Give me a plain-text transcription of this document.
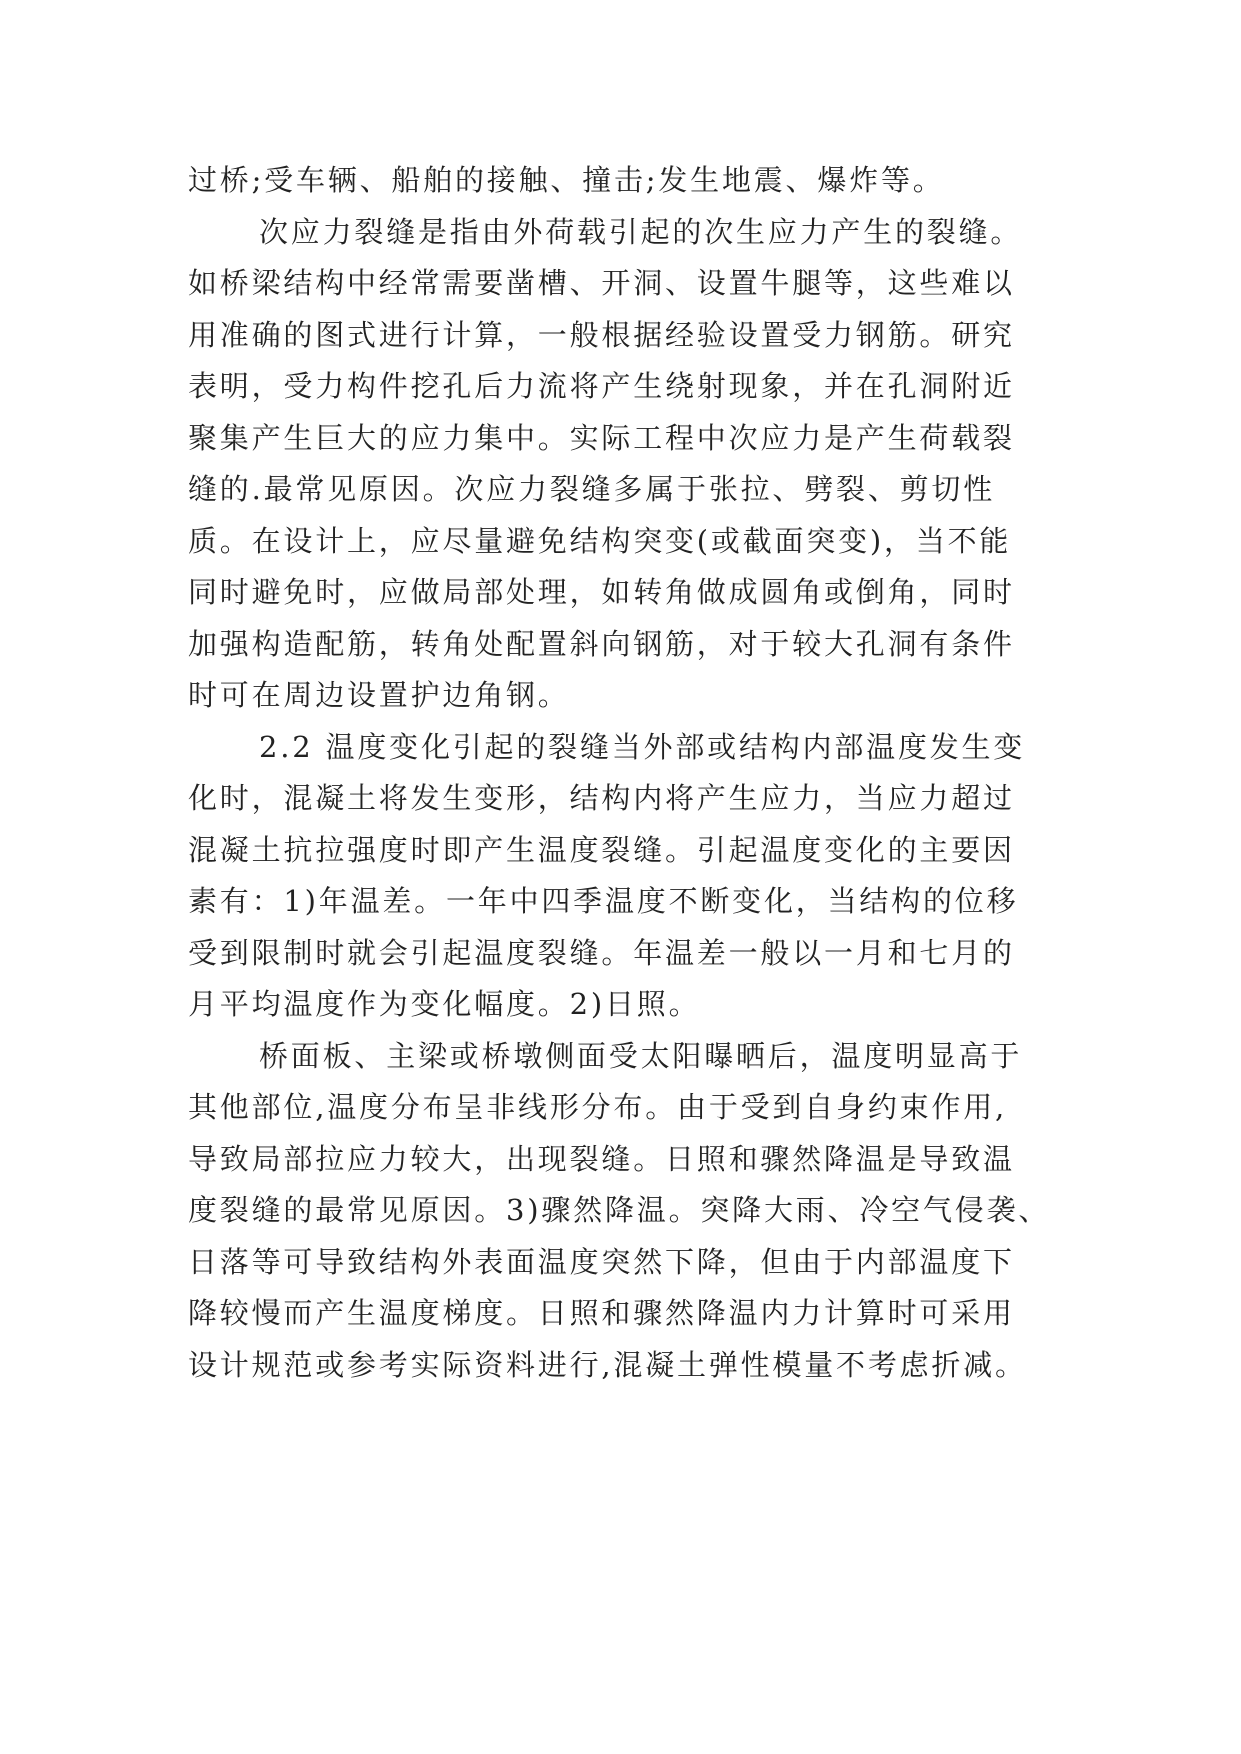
过桥;受车辆、船舶的接触、撞击;发生地震、爆炸等。
次应力裂缝是指由外荷载引起的次生应力产生的裂缝。
如桥梁结构中经常需要凿槽、开洞、设置牛腿等，这些难以
用准确的图式进行计算，一般根据经验设置受力钢筋。研究
表明，受力构件挖孔后力流将产生绕射现象，并在孔洞附近
聚集产生巨大的应力集中。实际工程中次应力是产生荷载裂
缝的.最常见原因。次应力裂缝多属于张拉、劈裂、剪切性
质。在设计上，应尽量避免结构突变(或截面突变)，当不能
同时避免时，应做局部处理，如转角做成圆角或倒角，同时
加强构造配筋，转角处配置斜向钢筋，对于较大孔洞有条件
时可在周边设置护边角钢。
2.2 温度变化引起的裂缝当外部或结构内部温度发生变
化时，混凝土将发生变形，结构内将产生应力，当应力超过
混凝土抗拉强度时即产生温度裂缝。引起温度变化的主要因
素有：1)年温差。一年中四季温度不断变化，当结构的位移
受到限制时就会引起温度裂缝。年温差一般以一月和七月的
月平均温度作为变化幅度。2)日照。
桥面板、主梁或桥墩侧面受太阳曝晒后，温度明显高于
其他部位,温度分布呈非线形分布。由于受到自身约束作用,
导致局部拉应力较大，出现裂缝。日照和骤然降温是导致温
度裂缝的最常见原因。3)骤然降温。突降大雨、冷空气侵袭、
日落等可导致结构外表面温度突然下降，但由于内部温度下
降较慢而产生温度梯度。日照和骤然降温内力计算时可采用
设计规范或参考实际资料进行,混凝土弹性模量不考虑折减。
